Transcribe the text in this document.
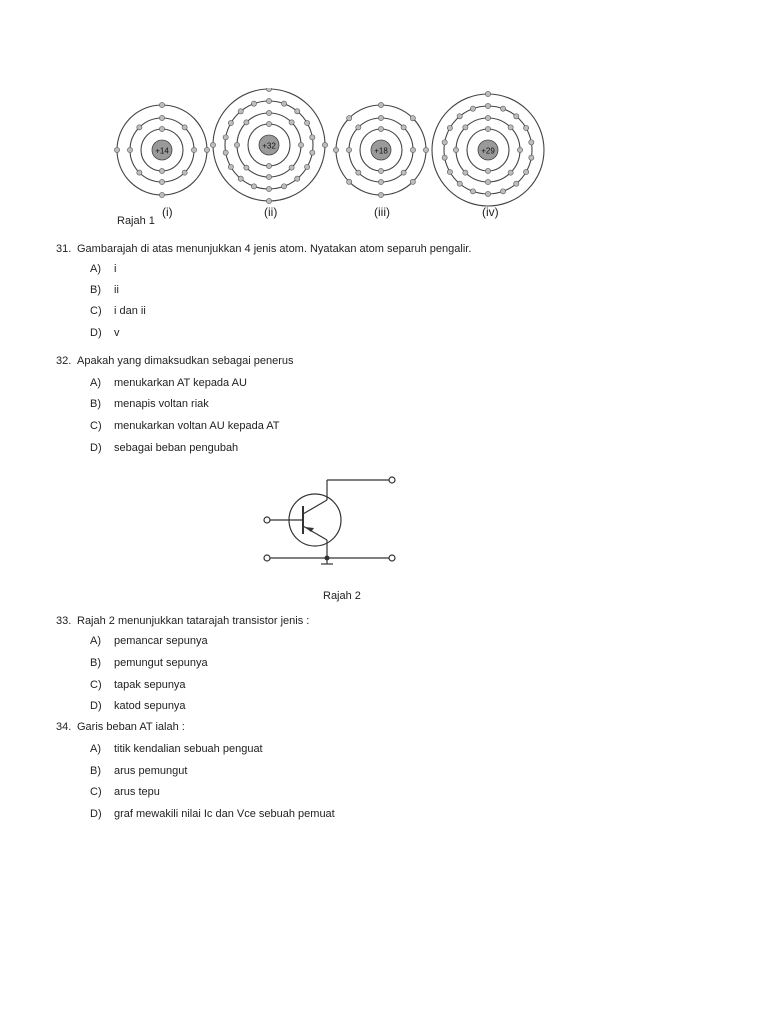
+14
+32
+18	+29
(i)	(ii)	(iii)	(iv)
Rajah 1
31. Gambarajah di atas menunjukkan 4 jenis atom. Nyatakan atom separuh pengalir.
A) i
B) ii
C) i dan ii
D) v
32. Apakah yang dimaksudkan sebagai penerus
A) menukarkan AT kepada AU
B) menapis voltan riak
C) menukarkan voltan AU kepada AT
D) sebagai beban pengubah
Rajah 2
33. Rajah 2 menunjukkan tatarajah transistor jenis :
A) pemancar sepunya
B) pemungut sepunya
C) tapak sepunya
D) katod sepunya
34. Garis beban AT ialah :
A) titik kendalian sebuah penguat
B) arus pemungut
C) arus tepu
D) graf mewakili nilai Ic dan Vce sebuah pemuat
